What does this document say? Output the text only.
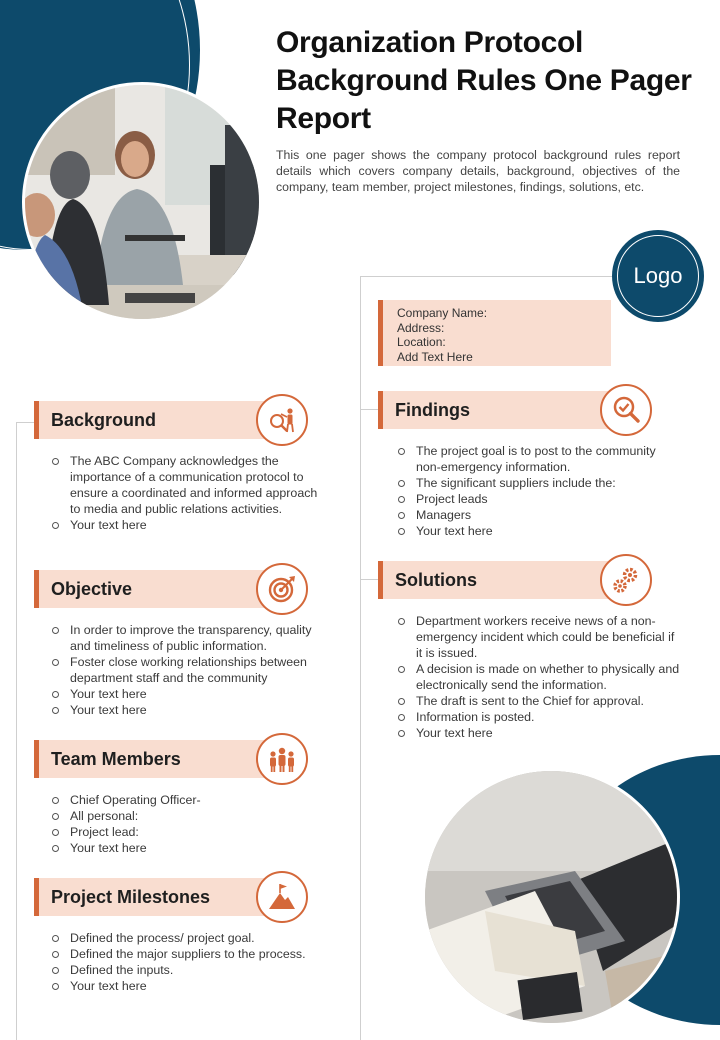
Logo
Organization Protocol Background Rules One Pager Report

This one pager shows the company protocol background rules report details which covers company details, background, objectives of the company, team member, project milestones, findings, solutions, etc.

Company Name:
Address:
Location:
Add Text Here
Background
The ABC Company acknowledges the importance of a communication protocol to ensure a coordinated and informed approach to media and public relations activities.
Your text here
Objective
In order to improve the transparency, quality and timeliness of public information.
Foster close working relationships between department staff and the community
Your text here
Your text here
Team Members
Chief Operating Officer-
All personal:
Project lead:
Your text here
Project Milestones
Defined the process/ project goal.
Defined the major suppliers to the process.
Defined the inputs.
Your text here
Findings
The project goal is to post to the community non-emergency information.
The significant suppliers include the:
Project leads
Managers
Your text here
Solutions
Department workers receive news of a non-emergency incident which could be beneficial if it is issued.
A decision is made on whether to physically and electronically send the information.
The draft is sent to the Chief for approval.
Information is posted.
Your text here
